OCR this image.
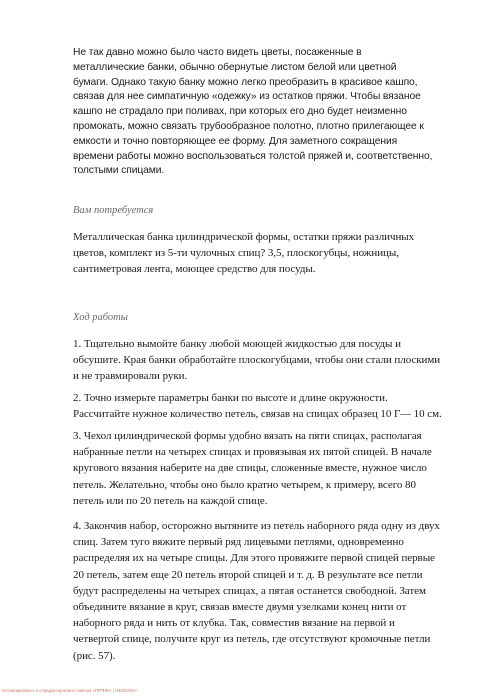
Не так давно можно было часто видеть цветы, посаженные в металлические банки, обычно обернутые листом белой или цветной бумаги. Однако такую банку можно легко преобразить в красивое кашпо, связав для нее симпатичную «одежку» из остатков пряжи. Чтобы вязаное кашпо не страдало при поливах, при которых его дно будет неизменно промокать, можно связать трубообразное полотно, плотно прилегающее к емкости и точно повторяющее ее форму. Для заметного сокращения времени работы можно воспользоваться толстой пряжей и, соответственно, толстыми спицами.

Вам потребуется

Металлическая банка цилиндрической формы, остатки пряжи различных цветов, комплект из 5-ти чулочных спиц? 3,5, плоскогубцы, ножницы, сантиметровая лента, моющее средство для посуды.

Ход работы

1. Тщательно вымойте банку любой моющей жидкостью для посуды и обсушите. Края банки обработайте плоскогубцами, чтобы они стали плоскими и не травмировали руки.

2. Точно измерьте параметры банки по высоте и длине окружности. Рассчитайте нужное количество петель, связав на спицах образец 10 Г— 10 см.

3. Чехол цилиндрической формы удобно вязать на пяти спицах, располагая набранные петли на четырех спицах и провязывая их пятой спицей. В начале кругового вязания наберите на две спицы, сложенные вместе, нужное число петель. Желательно, чтобы оно было кратно четырем, к примеру, всего 80 петель или по 20 петель на каждой спице.

4. Закончив набор, осторожно вытяните из петель наборного ряда одну из двух спиц. Затем туго вяжите первый ряд лицевыми петлями, одновременно распределяя их на четыре спицы. Для этого провяжите первой спицей первые 20 петель, затем еще 20 петель второй спицей и т. д. В результате все петли будут распределены на четырех спицах, а пятая останется свободной. Затем объедините вязание в круг, связав вместе двумя узелками конец нити от наборного ряда и нить от клубка. Так, совместив вязание на первой и четвертой спице, получите круг из петель, где отсутствуют кромочные петли (рис. 57).

Отсканировано и отредактировано сайтом «ПРЯЖА | HERSON»
